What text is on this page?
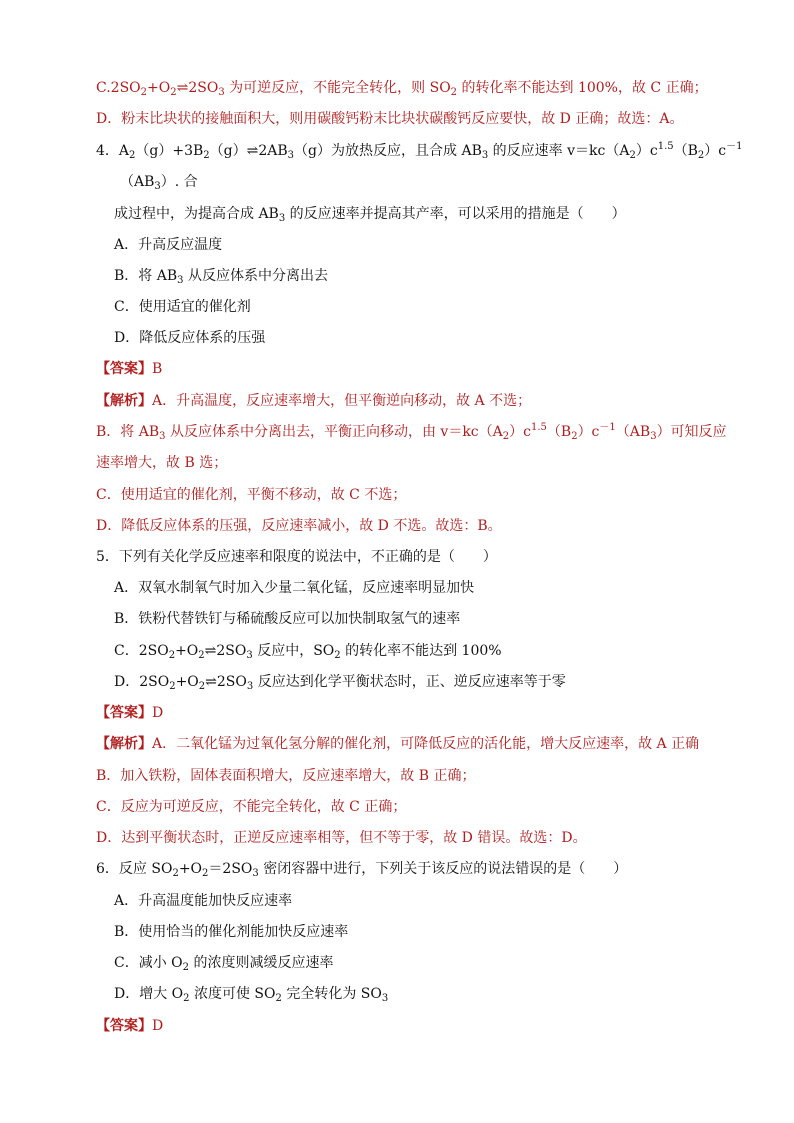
$C.2SO_2+O_2\rightleftharpoons 2SO_3$ 为可逆反应，不能完全转化，则 $SO_2$ 的转化率不能达到 100%，故 C 正确；
D．粉末比块状的接触面积大，则用碳酸钙粉末比块状碳酸钙反应要快，故 D 正确；故选：A。
4．$A_2(g)+3B_2(g)\rightleftharpoons 2AB_3(g)$为放热反应，且合成 $AB_3$ 的反应速率 $v=kc(A_2)c^{1.5}(B_2)c^{-1}$
$(AB_3)$. 合
成过程中，为提高合成 $AB_3$ 的反应速率并提高其产率，可以采用的措施是（　　）
A．升高反应温度
B．将 $AB_3$ 从反应体系中分离出去
C．使用适宜的催化剂
D．降低反应体系的压强
【答案】B
【解析】A．升高温度，反应速率增大，但平衡逆向移动，故 A 不选；
B．将 $AB_3$ 从反应体系中分离出去，平衡正向移动，由 $v=kc(A_2)c^{1.5}(B_2)c^{-1}(AB_3)$可知反应
速率增大，故 B 选；
C．使用适宜的催化剂，平衡不移动，故 C 不选；
D．降低反应体系的压强，反应速率减小，故 D 不选。故选：B。
5．下列有关化学反应速率和限度的说法中，不正确的是（　　）
A．双氧水制氧气时加入少量二氧化锰，反应速率明显加快
B．铁粉代替铁钉与稀硫酸反应可以加快制取氢气的速率
C．$2SO_2+O_2\rightleftharpoons 2SO_3$ 反应中，$SO_2$ 的转化率不能达到 100%
D．$2SO_2+O_2\rightleftharpoons 2SO_3$ 反应达到化学平衡状态时，正、逆反应速率等于零
【答案】D
【解析】A．二氧化锰为过氧化氢分解的催化剂，可降低反应的活化能，增大反应速率，故 A 正确
B．加入铁粉，固体表面积增大，反应速率增大，故 B 正确；
C．反应为可逆反应，不能完全转化，故 C 正确；
D．达到平衡状态时，正逆反应速率相等，但不等于零，故 D 错误。故选：D。
6．反应 $SO_2+O_2=2SO_3$ 密闭容器中进行，下列关于该反应的说法错误的是（　　）
A．升高温度能加快反应速率
B．使用恰当的催化剂能加快反应速率
C．减小 $O_2$ 的浓度则减缓反应速率
D．增大 $O_2$ 浓度可使 $SO_2$ 完全转化为 $SO_3$
【答案】D
